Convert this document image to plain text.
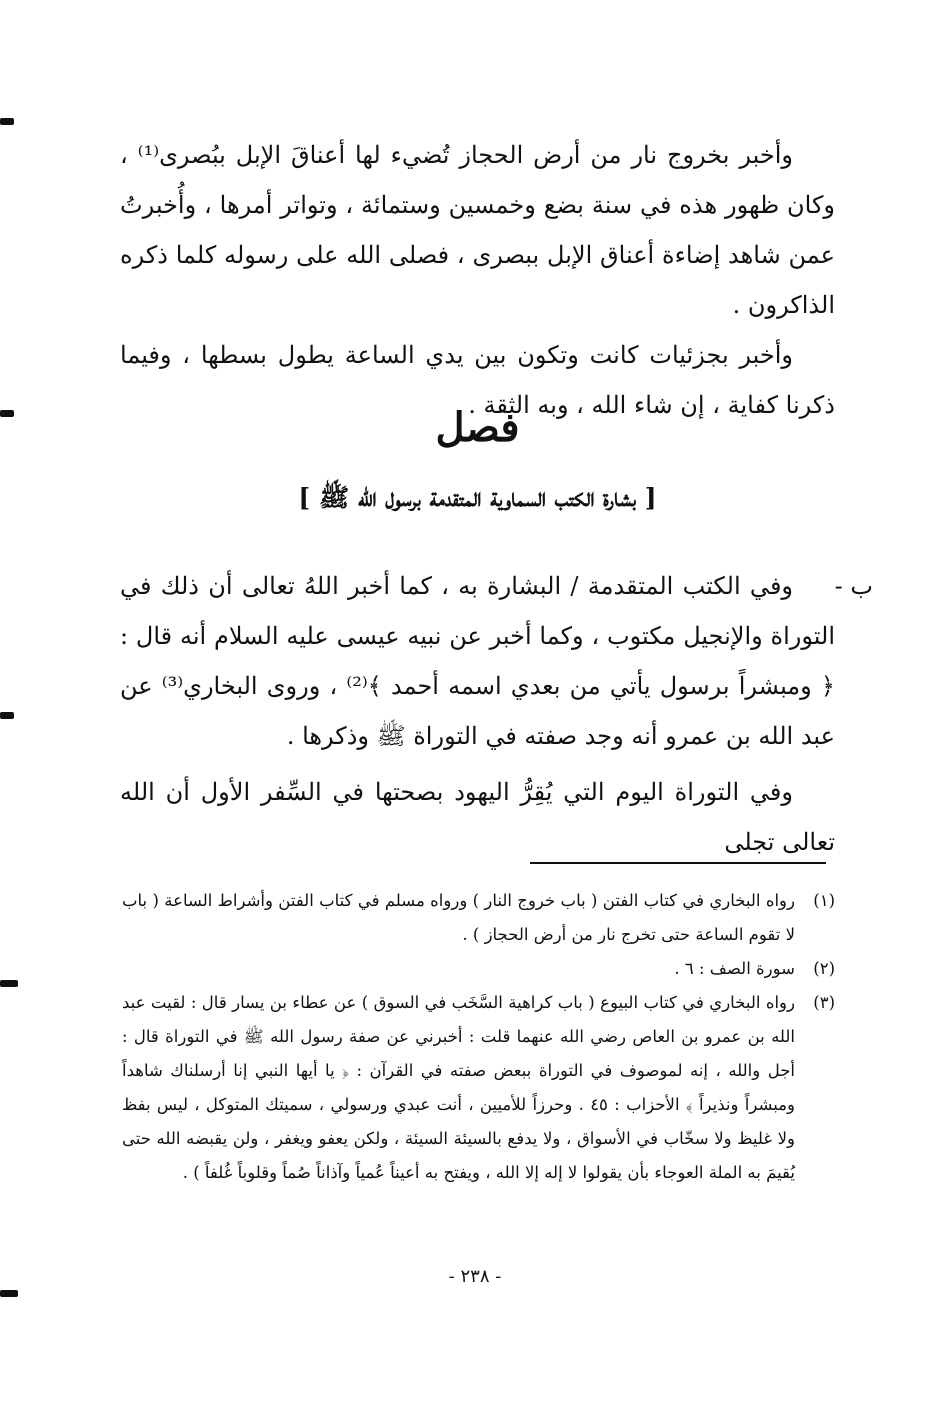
وأخبر بخروج نار من أرض الحجاز تُضيء لها أعناقَ الإبل ببُصرى⁽¹⁾ ، وكان ظهور هذه في سنة بضع وخمسين وستمائة ، وتواتر أمرها ، وأُخبرتُ عمن شاهد إضاءة أعناق الإبل ببصرى ، فصلى الله على رسوله كلما ذكره الذاكرون .

وأخبر بجزئيات كانت وتكون بين يدي الساعة يطول بسطها ، وفيما ذكرنا كفاية ، إن شاء الله ، وبه الثقة .

فصل
[ بشارة الكتب السماوية المتقدمة برسول الله ﷺ ]
ب -

وفي الكتب المتقدمة / البشارة به ، كما أخبر اللهُ تعالى أن ذلك في التوراة والإنجيل مكتوب ، وكما أخبر عن نبيه عيسى عليه السلام أنه قال : ﴿ ومبشراً برسول يأتي من بعدي اسمه أحمد ﴾⁽²⁾ ، وروى البخاري⁽³⁾ عن عبد الله بن عمرو أنه وجد صفته في التوراة ﷺ وذكرها .

وفي التوراة اليوم التي يُقِرُّ اليهود بصحتها في السِّفر الأول أن الله تعالى تجلى

(١)
رواه البخاري في كتاب الفتن ( باب خروج النار ) ورواه مسلم في كتاب الفتن وأشراط الساعة ( باب لا تقوم الساعة حتى تخرج نار من أرض الحجاز ) .
(٢)
سورة الصف : ٦ .
(٣)
رواه البخاري في كتاب البيوع ( باب كراهية السَّخَب في السوق ) عن عطاء بن يسار قال : لقيت عبد الله بن عمرو بن العاص رضي الله عنهما قلت : أخبرني عن صفة رسول الله ﷺ في التوراة قال : أجل والله ، إنه لموصوف في التوراة ببعض صفته في القرآن : ﴿ يا أيها النبي إنا أرسلناك شاهداً ومبشراً ونذيراً ﴾ الأحزاب : ٤٥ . وحرزاً للأميين ، أنت عبدي ورسولي ، سميتك المتوكل ، ليس بفظ ولا غليظ ولا سخّاب في الأسواق ، ولا يدفع بالسيئة السيئة ، ولكن يعفو ويغفر ، ولن يقبضه الله حتى يُقيمَ به الملة العوجاء بأن يقولوا لا إله إلا الله ، ويفتح به أعيناً عُمياً وآذاناً صُماً وقلوباً غُلفاً ) .
- ٢٣٨ -
